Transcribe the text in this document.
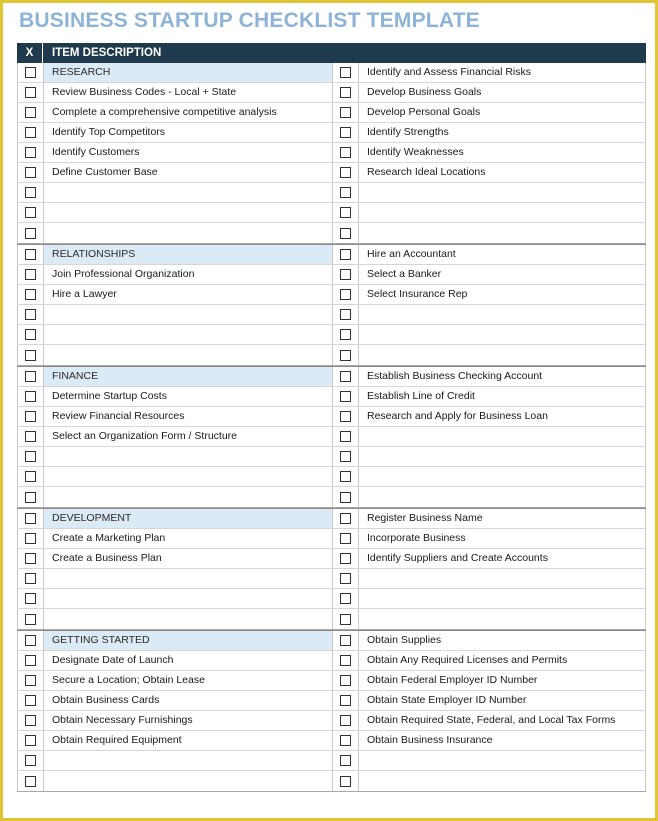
BUSINESS STARTUP CHECKLIST TEMPLATE
X	ITEM DESCRIPTION
RESEARCH	Identify and Assess Financial Risks
Review Business Codes - Local + State	Develop Business Goals
Complete a comprehensive competitive analysis	Develop Personal Goals
Identify Top Competitors	Identify Strengths
Identify Customers	Identify Weaknesses
Define Customer Base	Research Ideal Locations
RELATIONSHIPS	Hire an Accountant
Join Professional Organization	Select a Banker
Hire a Lawyer	Select Insurance Rep
FINANCE	Establish Business Checking Account
Determine Startup Costs	Establish Line of Credit
Review Financial Resources	Research and Apply for Business Loan
Select an Organization Form / Structure
DEVELOPMENT	Register Business Name
Create a Marketing Plan	Incorporate Business
Create a Business Plan	Identify Suppliers and Create Accounts
GETTING STARTED	Obtain Supplies
Designate Date of Launch	Obtain Any Required Licenses and Permits
Secure a Location; Obtain Lease	Obtain Federal Employer ID Number
Obtain Business Cards	Obtain State Employer ID Number
Obtain Necessary Furnishings	Obtain Required State, Federal, and Local Tax Forms
Obtain Required Equipment	Obtain Business Insurance
